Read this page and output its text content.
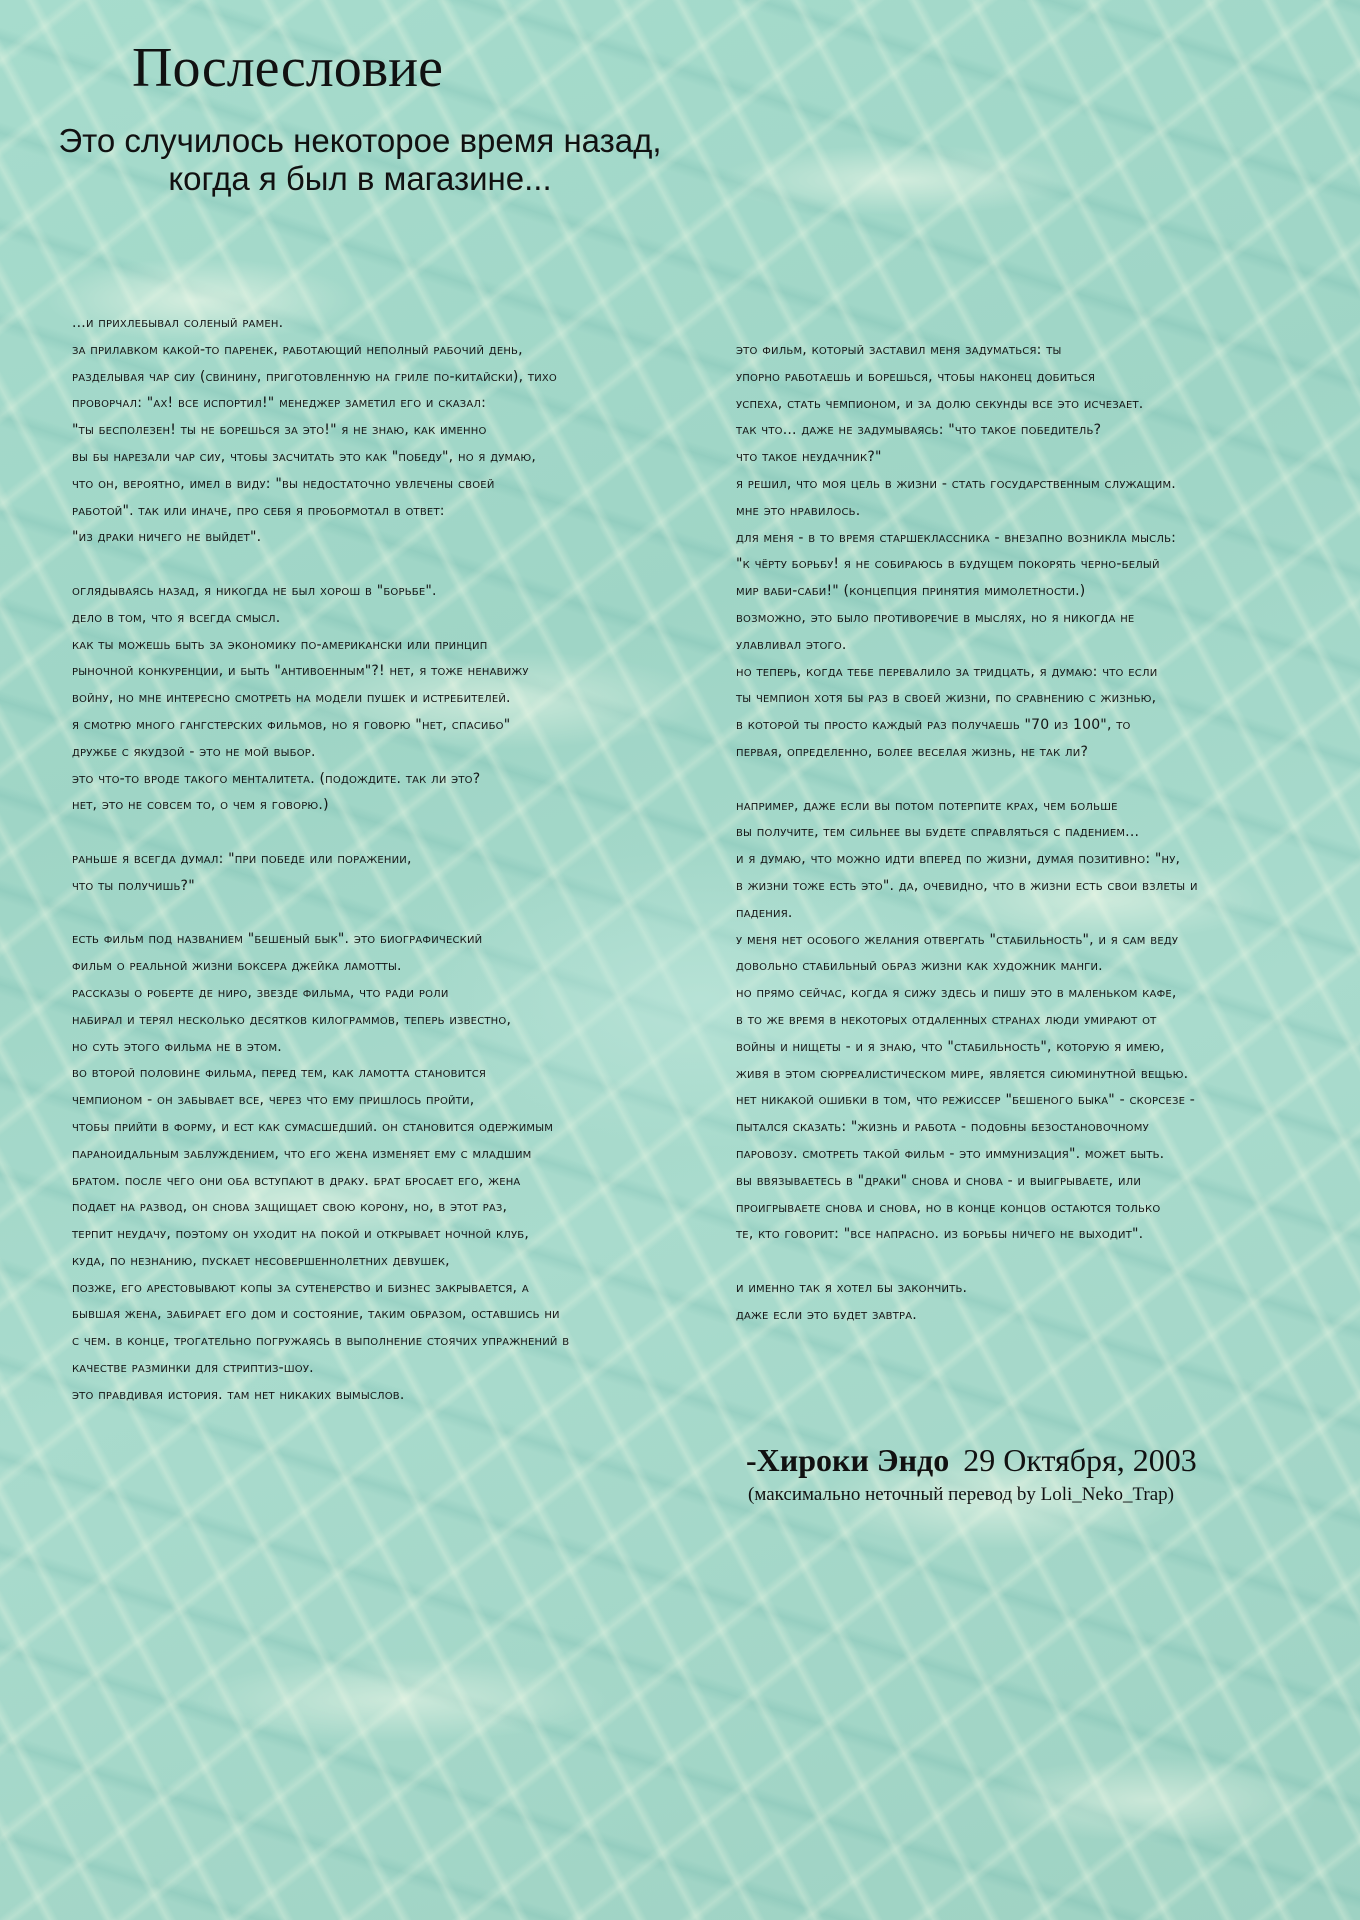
Послесловие
Это случилось некоторое время назад,
когда я был в магазине...
...и прихлебывал соленый рамен.
за прилавком какой-то паренек, работающий неполный рабочий день,
разделывая чар сиу (свинину, приготовленную на гриле по-китайски), тихо
проворчал: "ах! все испортил!" менеджер заметил его и сказал:
"ты бесполезен! ты не борешься за это!" я не знаю, как именно
вы бы нарезали чар сиу, чтобы засчитать это как "победу", но я думаю,
что он, вероятно, имел в виду: "вы недостаточно увлечены своей
работой". так или иначе, про себя я пробормотал в ответ:
"из драки ничего не выйдет".
оглядываясь назад, я никогда не был хорош в "борьбе".
дело в том, что я всегда смысл.
как ты можешь быть за экономику по-американски или принцип
рыночной конкуренции, и быть "антивоенным"?! нет, я тоже ненавижу
войну, но мне интересно смотреть на модели пушек и истребителей.
я смотрю много гангстерских фильмов, но я говорю "нет, спасибо"
дружбе с якудзой - это не мой выбор.
это что-то вроде такого менталитета. (подождите. так ли это?
нет, это не совсем то, о чем я говорю.)
раньше я всегда думал: "при победе или поражении,
что ты получишь?"
есть фильм под названием "бешеный бык". это биографический
фильм о реальной жизни боксера джейка ламотты.
рассказы о роберте де ниро, звезде фильма, что ради роли
набирал и терял несколько десятков килограммов, теперь известно,
но суть этого фильма не в этом.
во второй половине фильма, перед тем, как ламотта становится
чемпионом - он забывает все, через что ему пришлось пройти,
чтобы прийти в форму, и ест как сумасшедший. он становится одержимым
параноидальным заблуждением, что его жена изменяет ему с младшим
братом. после чего они оба вступают в драку. брат бросает его, жена
подает на развод, он снова защищает свою корону, но, в этот раз,
терпит неудачу, поэтому он уходит на покой и открывает ночной клуб,
куда, по незнанию, пускает несовершеннолетних девушек,
позже, его арестовывают копы за сутенерство и бизнес закрывается, а
бывшая жена, забирает его дом и состояние, таким образом, оставшись ни
с чем. в конце, трогательно погружаясь в выполнение стоячих упражнений в
качестве разминки для стриптиз-шоу.
это правдивая история. там нет никаких вымыслов.
это фильм, который заставил меня задуматься: ты
упорно работаешь и борешься, чтобы наконец добиться
успеха, стать чемпионом, и за долю секунды все это исчезает.
так что... даже не задумываясь: "что такое победитель?
что такое неудачник?"
я решил, что моя цель в жизни - стать государственным служащим.
мне это нравилось.
для меня - в то время старшеклассника - внезапно возникла мысль:
"к чёрту борьбу! я не собираюсь в будущем покорять черно-белый
мир ваби-саби!" (концепция принятия мимолетности.)
возможно, это было противоречие в мыслях, но я никогда не
улавливал этого.
но теперь, когда тебе перевалило за тридцать, я думаю: что если
ты чемпион хотя бы раз в своей жизни, по сравнению с жизнью,
в которой ты просто каждый раз получаешь "70 из 100", то
первая, определенно, более веселая жизнь, не так ли?
например, даже если вы потом потерпите крах, чем больше
вы получите, тем сильнее вы будете справляться с падением...
и я думаю, что можно идти вперед по жизни, думая позитивно: "ну,
в жизни тоже есть это". да, очевидно, что в жизни есть свои взлеты и
падения.
у меня нет особого желания отвергать "стабильность", и я сам веду
довольно стабильный образ жизни как художник манги.
но прямо сейчас, когда я сижу здесь и пишу это в маленьком кафе,
в то же время в некоторых отдаленных странах люди умирают от
войны и нищеты - и я знаю, что "стабильность", которую я имею,
живя в этом сюрреалистическом мире, является сиюминутной вещью.
нет никакой ошибки в том, что режиссер "бешеного быка" - скорсезе -
пытался сказать: "жизнь и работа - подобны безостановочному
паровозу. смотреть такой фильм - это иммунизация". может быть.
вы ввязываетесь в "драки" снова и снова - и выигрываете, или
проигрываете снова и снова, но в конце концов остаются только
те, кто говорит: "все напрасно. из борьбы ничего не выходит".
и именно так я хотел бы закончить.
даже если это будет завтра.
-Хироки Эндо 29 Октября, 2003
(максимально неточный перевод by Loli_Neko_Trap)
